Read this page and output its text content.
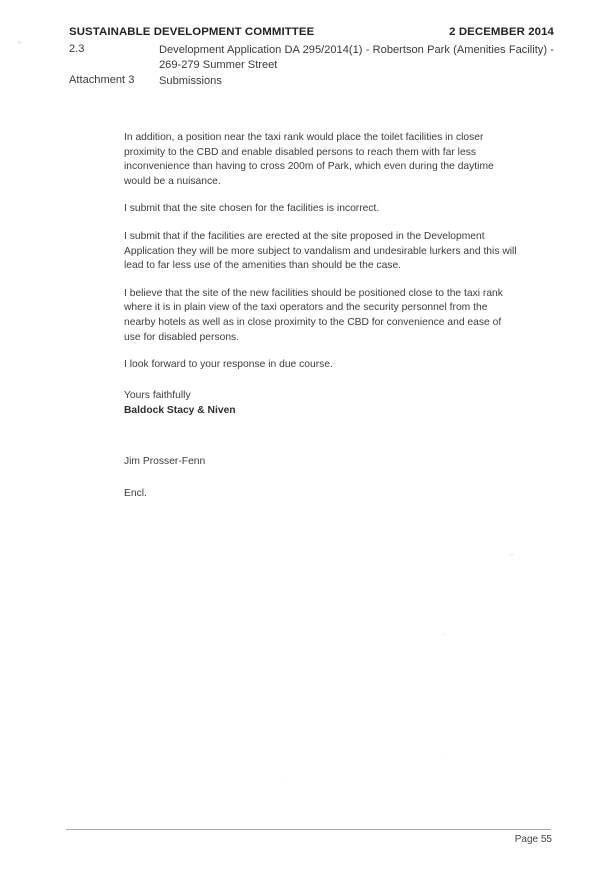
SUSTAINABLE DEVELOPMENT COMMITTEE	2 DECEMBER 2014
2.3	Development Application DA 295/2014(1) - Robertson Park (Amenities Facility) - 269-279 Summer Street
Attachment 3	Submissions

In addition, a position near the taxi rank would place the toilet facilities in closer proximity to the CBD and enable disabled persons to reach them with far less inconvenience than having to cross 200m of Park, which even during the daytime would be a nuisance.

I submit that the site chosen for the facilities is incorrect.

I submit that if the facilities are erected at the site proposed in the Development Application they will be more subject to vandalism and undesirable lurkers and this will lead to far less use of the amenities than should be the case.

I believe that the site of the new facilities should be positioned close to the taxi rank where it is in plain view of the taxi operators and the security personnel from the nearby hotels as well as in close proximity to the CBD for convenience and ease of use for disabled persons.

I look forward to your response in due course.

Yours faithfully
Baldock Stacy & Niven
Jim Prosser-Fenn
Encl.
Page 55
